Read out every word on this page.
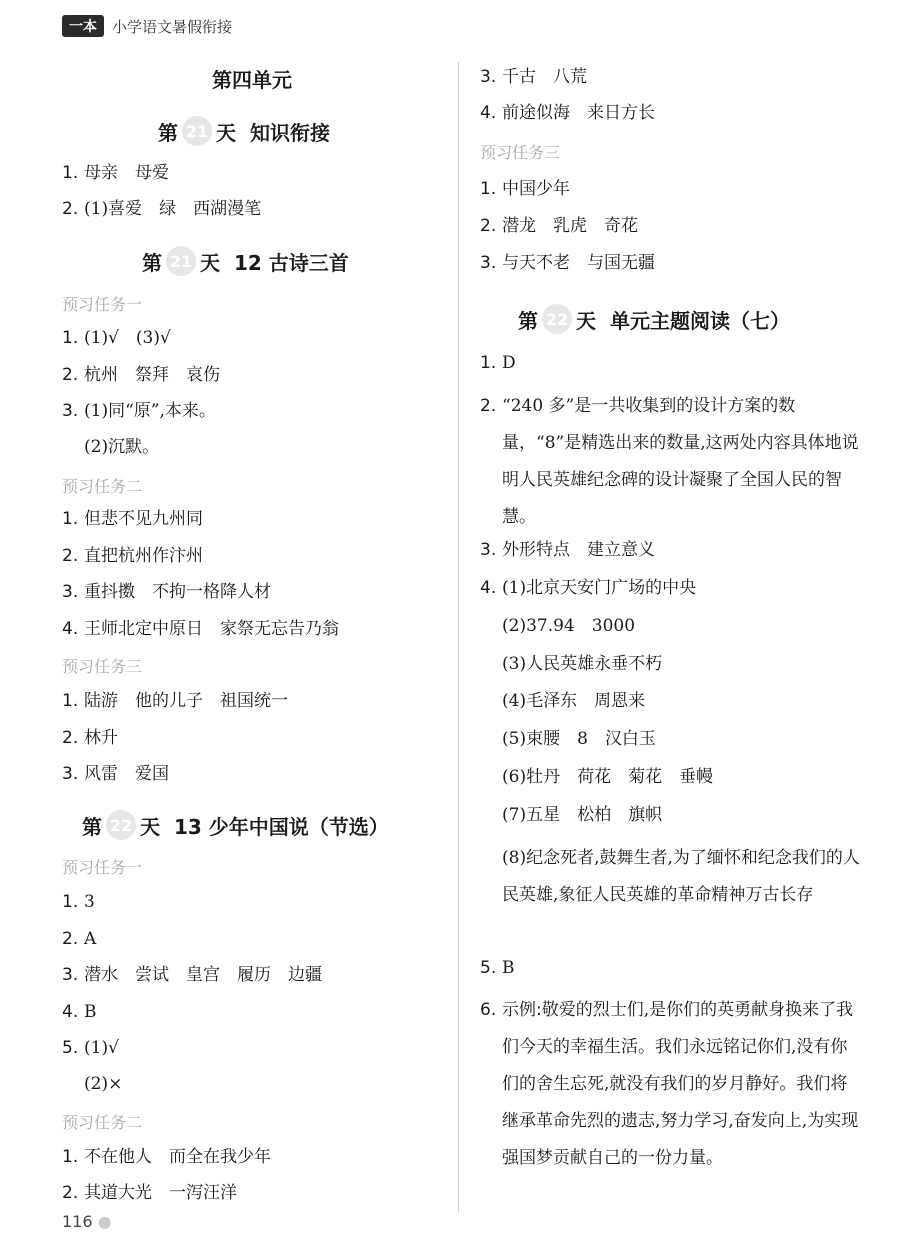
一本	小学语文暑假衔接
第四单元
第 21 天 知识衔接
1. 母亲　母爱
2. (1)喜爱　绿　西湖漫笔
第 21 天 12 古诗三首
预习任务一
1. (1)√　(3)√
2. 杭州　祭拜　哀伤
3. (1)同“原”,本来。
(2)沉默。
预习任务二
1. 但悲不见九州同
2. 直把杭州作汴州
3. 重抖擞　不拘一格降人材
4. 王师北定中原日　家祭无忘告乃翁
预习任务三
1. 陆游　他的儿子　祖国统一
2. 林升
3. 风雷　爱国
第 22 天 13 少年中国说（节选）
预习任务一
1. 3
2. A
3. 潜水　尝试　皇宫　履历　边疆
4. B
5. (1)√
(2)×
预习任务二
1. 不在他人　而全在我少年
2. 其道大光　一泻汪洋
3. 千古　八荒
4. 前途似海　来日方长
预习任务三
1. 中国少年
2. 潜龙　乳虎　奇花
3. 与天不老　与国无疆
第 22 天 单元主题阅读（七）
1. D
2. “240 多”是一共收集到的设计方案的数量，“8”是精选出来的数量,这两处内容具体地说明人民英雄纪念碑的设计凝聚了全国人民的智慧。
3. 外形特点　建立意义
4. (1)北京天安门广场的中央
(2)37.94　3000
(3)人民英雄永垂不朽
(4)毛泽东　周恩来
(5)束腰　8　汉白玉
(6)牡丹　荷花　菊花　垂幔
(7)五星　松柏　旗帜
(8)纪念死者,鼓舞生者,为了缅怀和纪念我们的人民英雄,象征人民英雄的革命精神万古长存
5. B
6. 示例:敬爱的烈士们,是你们的英勇献身换来了我们今天的幸福生活。我们永远铭记你们,没有你们的舍生忘死,就没有我们的岁月静好。我们将继承革命先烈的遗志,努力学习,奋发向上,为实现强国梦贡献自己的一份力量。
116 ●
